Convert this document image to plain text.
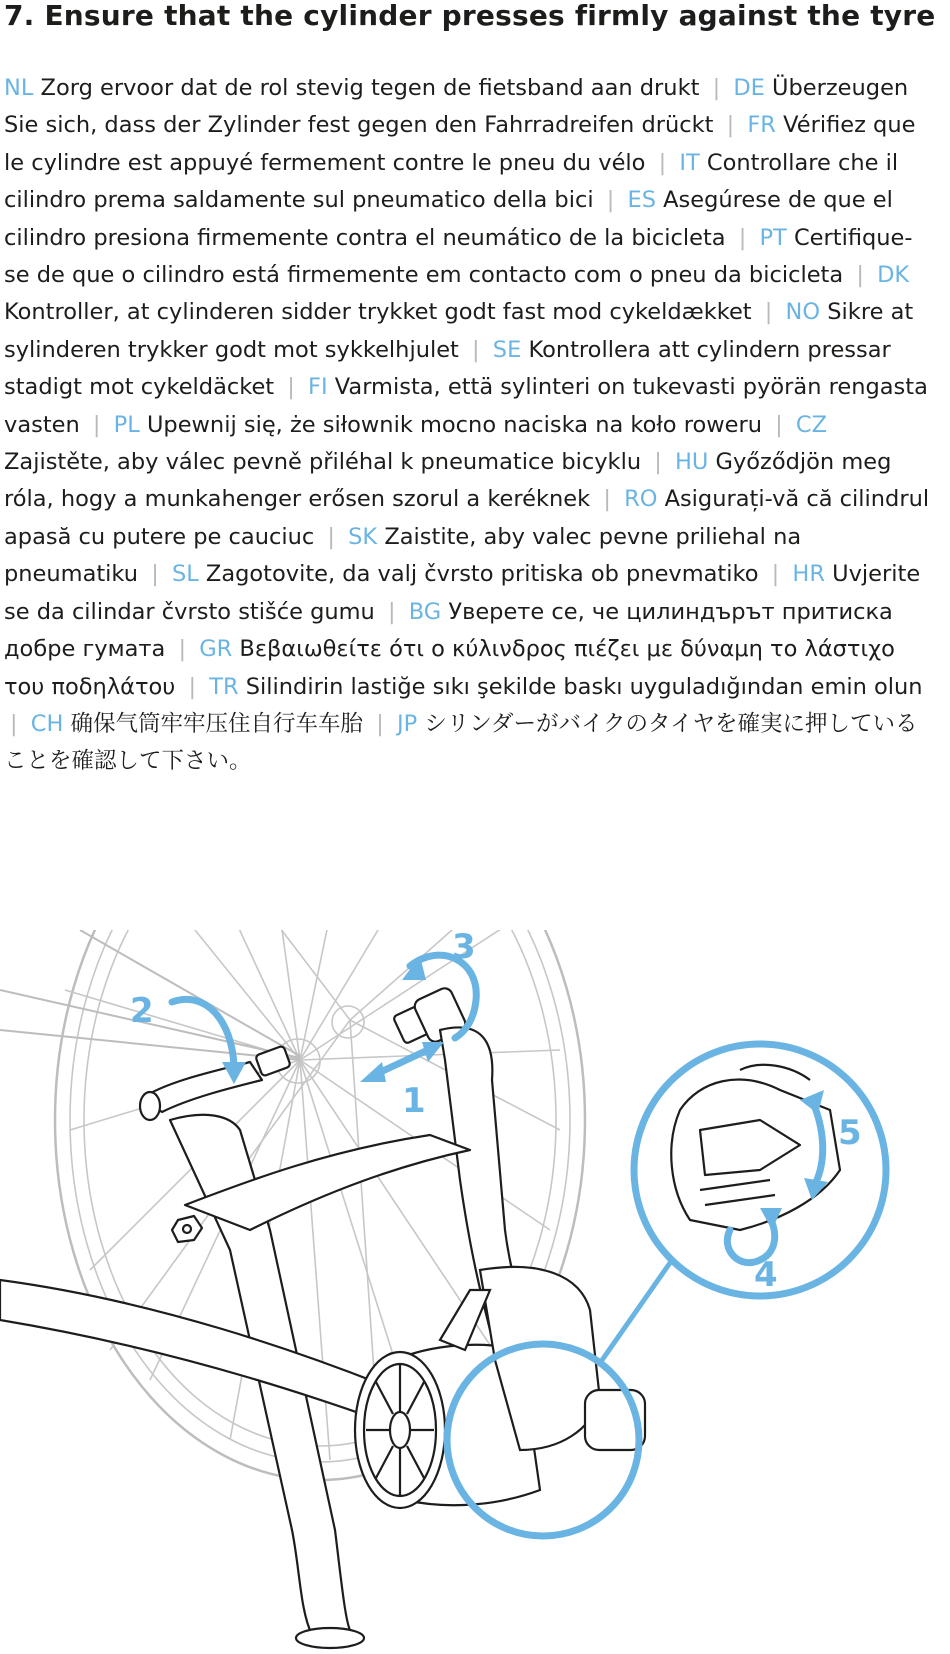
7. Ensure that the cylinder presses firmly against the tyre

NL Zorg ervoor dat de rol stevig tegen de fietsband aan drukt | DE Überzeugen Sie sich, dass der Zylinder fest gegen den Fahrradreifen drückt | FR Vérifiez que le cylindre est appuyé fermement contre le pneu du vélo | IT Controllare che il cilindro prema saldamente sul pneumatico della bici | ES Asegúrese de que el cilindro presiona firmemente contra el neumático de la bicicleta | PT Certifique-se de que o cilindro está firmemente em contacto com o pneu da bicicleta | DK Kontroller, at cylinderen sidder trykket godt fast mod cykeldækket | NO Sikre at sylinderen trykker godt mot sykkelhjulet | SE Kontrollera att cylindern pressar stadigt mot cykeldäcket | FI Varmista, että sylinteri on tukevasti pyörän rengasta vasten | PL Upewnij się, że siłownik mocno naciska na koło roweru | CZ Zajistěte, aby válec pevně přiléhal k pneumatice bicyklu | HU Győződjön meg róla, hogy a munkahenger erősen szorul a keréknek | RO Asigurați-vă că cilindrul apasă cu putere pe cauciuc | SK Zaistite, aby valec pevne priliehal na pneumatiku | SL Zagotovite, da valj čvrsto pritiska ob pnevmatiko | HR Uvjerite se da cilindar čvrsto stišće gumu | BG Уверете се, че цилиндърът притиска добре гумата | GR Βεβαιωθείτε ότι ο κύλινδρος πιέζει με δύναμη το λάστιχο του ποδηλάτου | TR Silindirin lastiğe sıkı şekilde baskı uyguladığından emin olun | CH 确保气筒牢牢压住自行车车胎 | JP シリンダーがバイクのタイヤを確実に押していることを確認して下さい。

1
2
3
4
5
